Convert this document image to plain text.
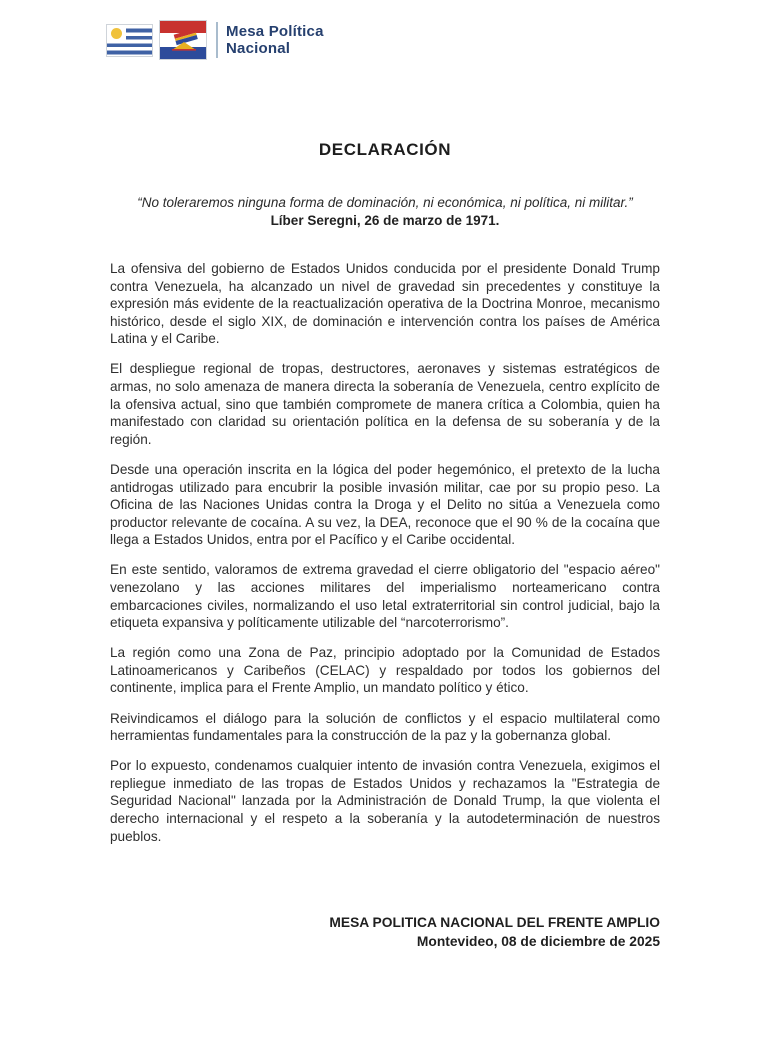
Mesa Política
Nacional
DECLARACIÓN

“No toleraremos ninguna forma de dominación, ni económica, ni política, ni militar.”

Líber Seregni, 26 de marzo de 1971.

La ofensiva del gobierno de Estados Unidos conducida por el presidente Donald Trump contra Venezuela, ha alcanzado un nivel de gravedad sin precedentes y constituye la expresión más evidente de la reactualización operativa de la Doctrina Monroe, mecanismo histórico, desde el siglo XIX, de dominación e intervención contra los países de América Latina y el Caribe.

El despliegue regional de tropas, destructores, aeronaves y sistemas estratégicos de armas, no solo amenaza de manera directa la soberanía de Venezuela, centro explícito de la ofensiva actual, sino que también compromete de manera crítica a Colombia, quien ha manifestado con claridad su orientación política en la defensa de su soberanía y de la región.

Desde una operación inscrita en la lógica del poder hegemónico, el pretexto de la lucha antidrogas utilizado para encubrir la posible invasión militar, cae por su propio peso. La Oficina de las Naciones Unidas contra la Droga y el Delito no sitúa a Venezuela como productor relevante de cocaína. A su vez, la DEA, reconoce que el 90 % de la cocaína que llega a Estados Unidos, entra por el Pacífico y el Caribe occidental.

En este sentido, valoramos de extrema gravedad el cierre obligatorio del "espacio aéreo" venezolano y las acciones militares del imperialismo norteamericano contra embarcaciones civiles, normalizando el uso letal extraterritorial sin control judicial, bajo la etiqueta expansiva y políticamente utilizable del “narcoterrorismo”.

La región como una Zona de Paz, principio adoptado por la Comunidad de Estados Latinoamericanos y Caribeños (CELAC) y respaldado por todos los gobiernos del continente, implica para el Frente Amplio, un mandato político y ético.

Reivindicamos el diálogo para la solución de conflictos y el espacio multilateral como herramientas fundamentales para la construcción de la paz y la gobernanza global.

Por lo expuesto, condenamos cualquier intento de invasión contra Venezuela, exigimos el repliegue inmediato de las tropas de Estados Unidos y rechazamos la "Estrategia de Seguridad Nacional" lanzada por la Administración de Donald Trump, la que violenta el derecho internacional y el respeto a la soberanía y la autodeterminación de nuestros pueblos.

MESA POLITICA NACIONAL DEL FRENTE AMPLIO
Montevideo, 08 de diciembre de 2025
